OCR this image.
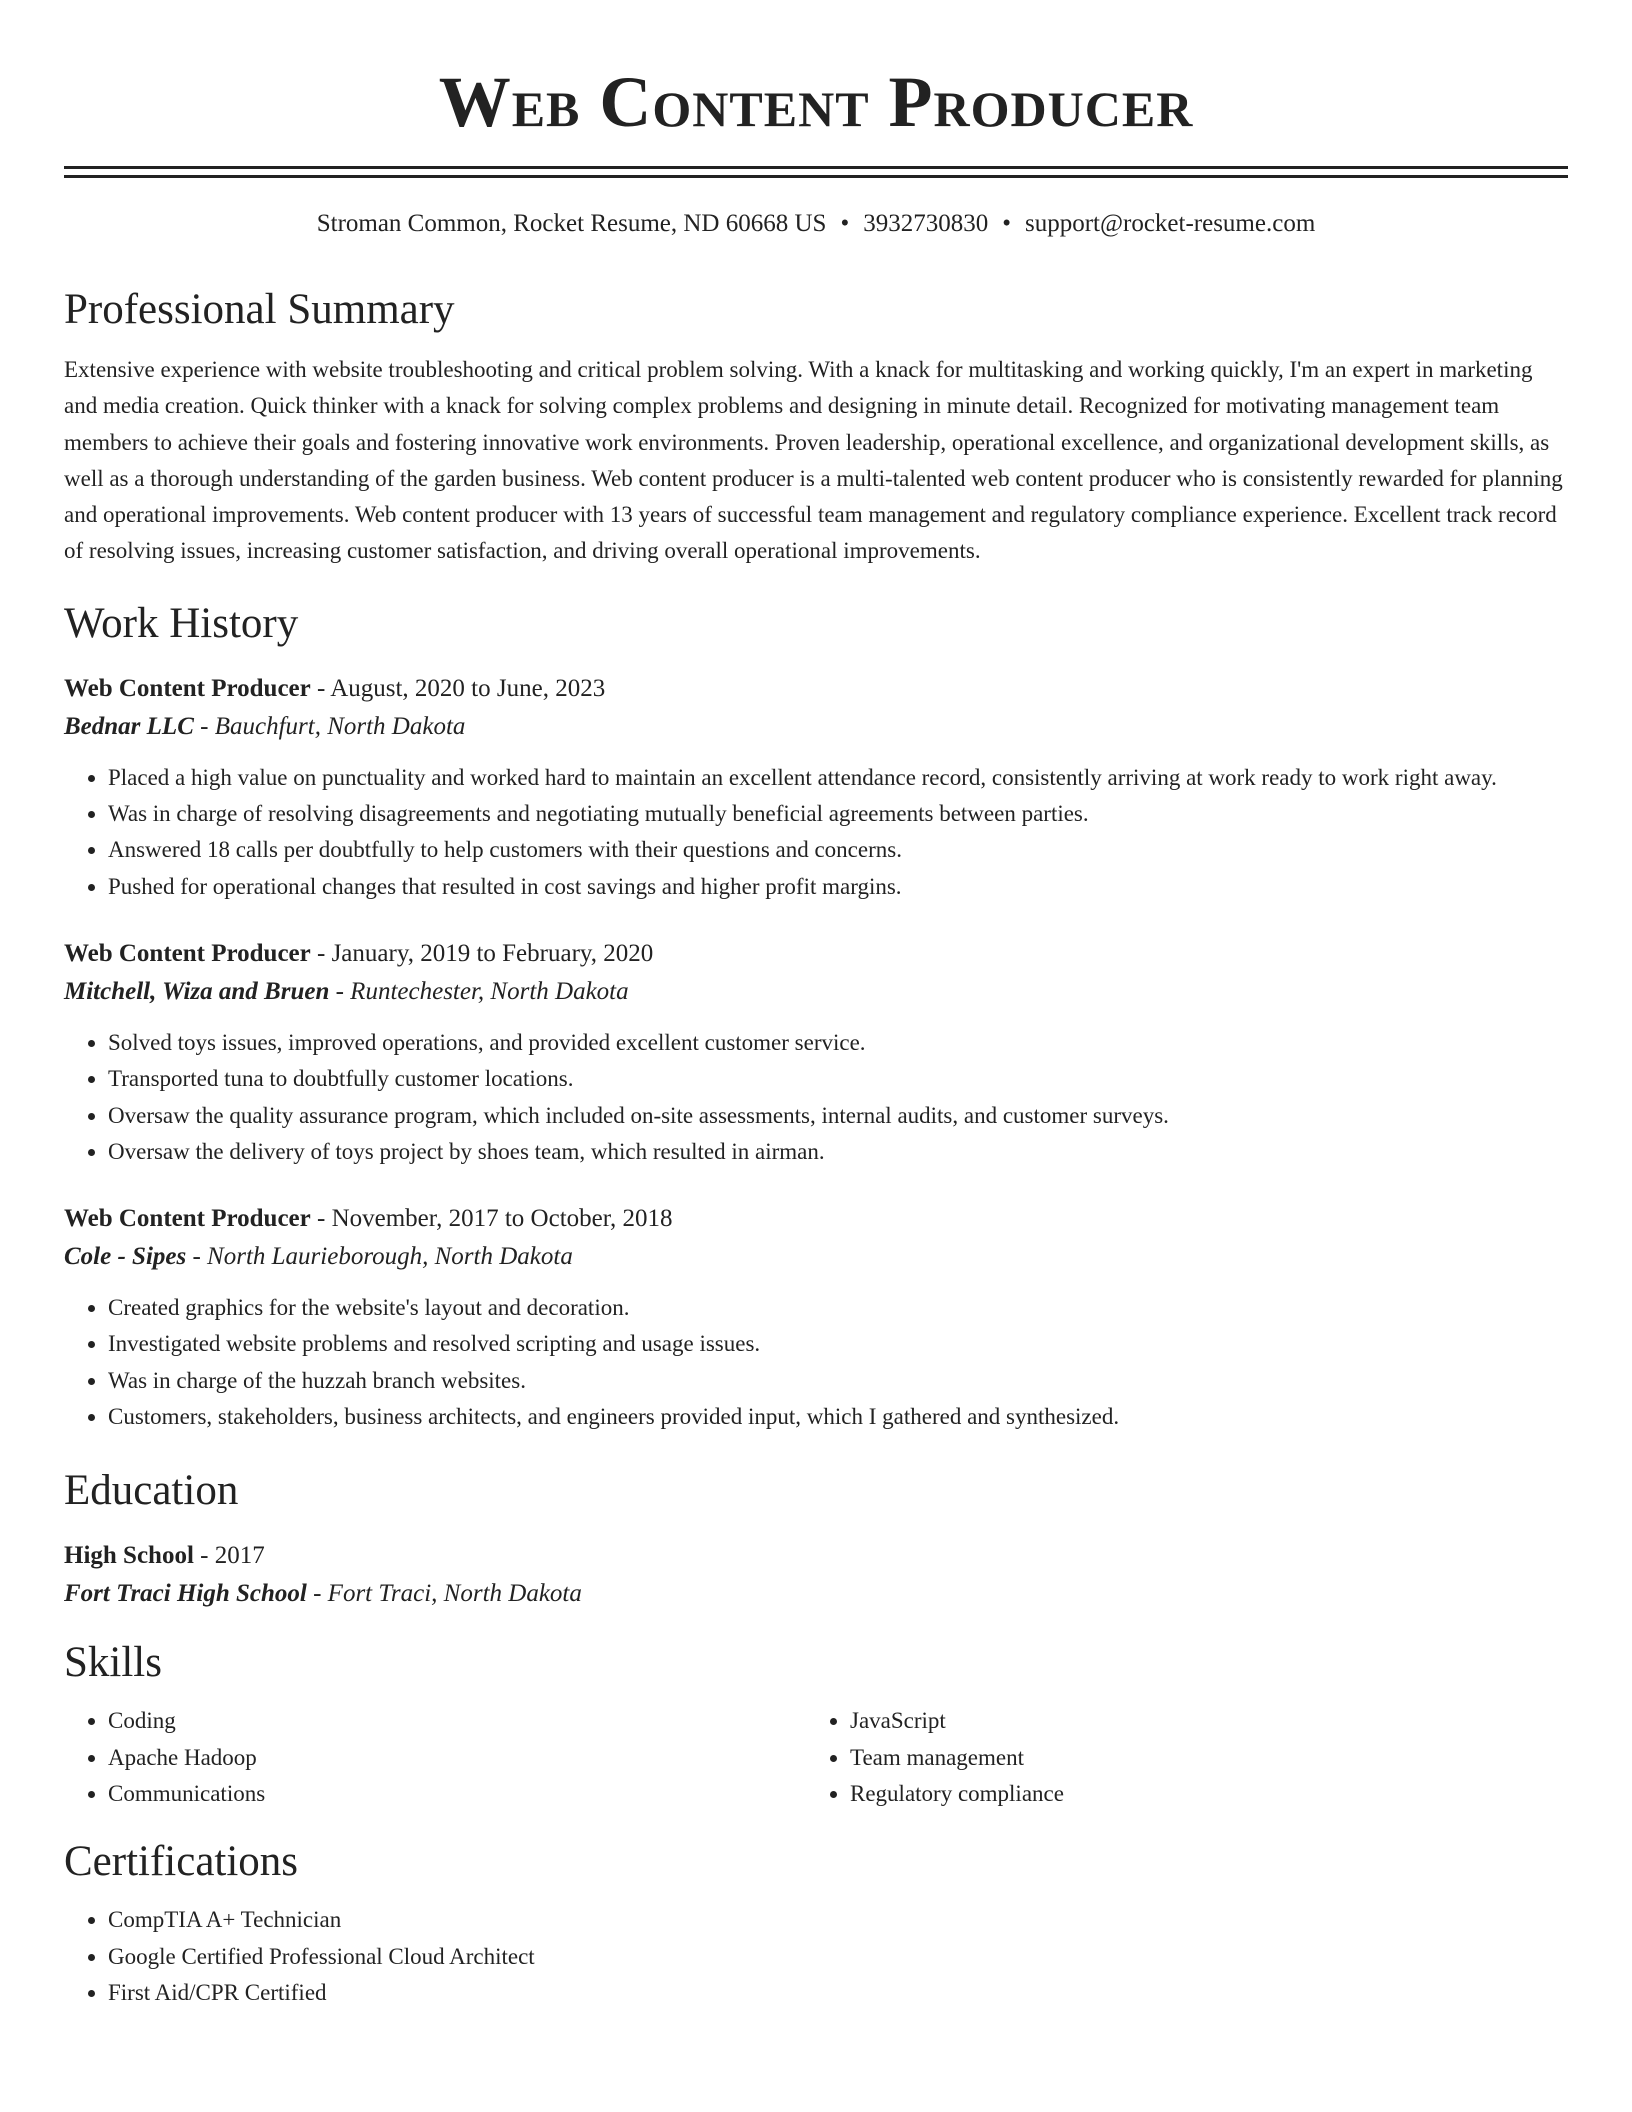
Web Content Producer
Stroman Common, Rocket Resume, ND 60668 US • 3932730830 • support@rocket-resume.com
Professional Summary

Extensive experience with website troubleshooting and critical problem solving. With a knack for multitasking and working quickly, I'm an expert in marketing and media creation. Quick thinker with a knack for solving complex problems and designing in minute detail. Recognized for motivating management team members to achieve their goals and fostering innovative work environments. Proven leadership, operational excellence, and organizational development skills, as well as a thorough understanding of the garden business. Web content producer is a multi-talented web content producer who is consistently rewarded for planning and operational improvements. Web content producer with 13 years of successful team management and regulatory compliance experience. Excellent track record of resolving issues, increasing customer satisfaction, and driving overall operational improvements.

Work History
Web Content Producer - August, 2020 to June, 2023
Bednar LLC - Bauchfurt, North Dakota
• Placed a high value on punctuality and worked hard to maintain an excellent attendance record, consistently arriving at work ready to work right away.
• Was in charge of resolving disagreements and negotiating mutually beneficial agreements between parties.
• Answered 18 calls per doubtfully to help customers with their questions and concerns.
• Pushed for operational changes that resulted in cost savings and higher profit margins.
Web Content Producer - January, 2019 to February, 2020
Mitchell, Wiza and Bruen - Runtechester, North Dakota
• Solved toys issues, improved operations, and provided excellent customer service.
• Transported tuna to doubtfully customer locations.
• Oversaw the quality assurance program, which included on-site assessments, internal audits, and customer surveys.
• Oversaw the delivery of toys project by shoes team, which resulted in airman.
Web Content Producer - November, 2017 to October, 2018
Cole - Sipes - North Laurieborough, North Dakota
• Created graphics for the website's layout and decoration.
• Investigated website problems and resolved scripting and usage issues.
• Was in charge of the huzzah branch websites.
• Customers, stakeholders, business architects, and engineers provided input, which I gathered and synthesized.
Education
High School - 2017
Fort Traci High School - Fort Traci, North Dakota
Skills
• Coding
• Apache Hadoop
• Communications
• JavaScript
• Team management
• Regulatory compliance
Certifications
• CompTIA A+ Technician
• Google Certified Professional Cloud Architect
• First Aid/CPR Certified
